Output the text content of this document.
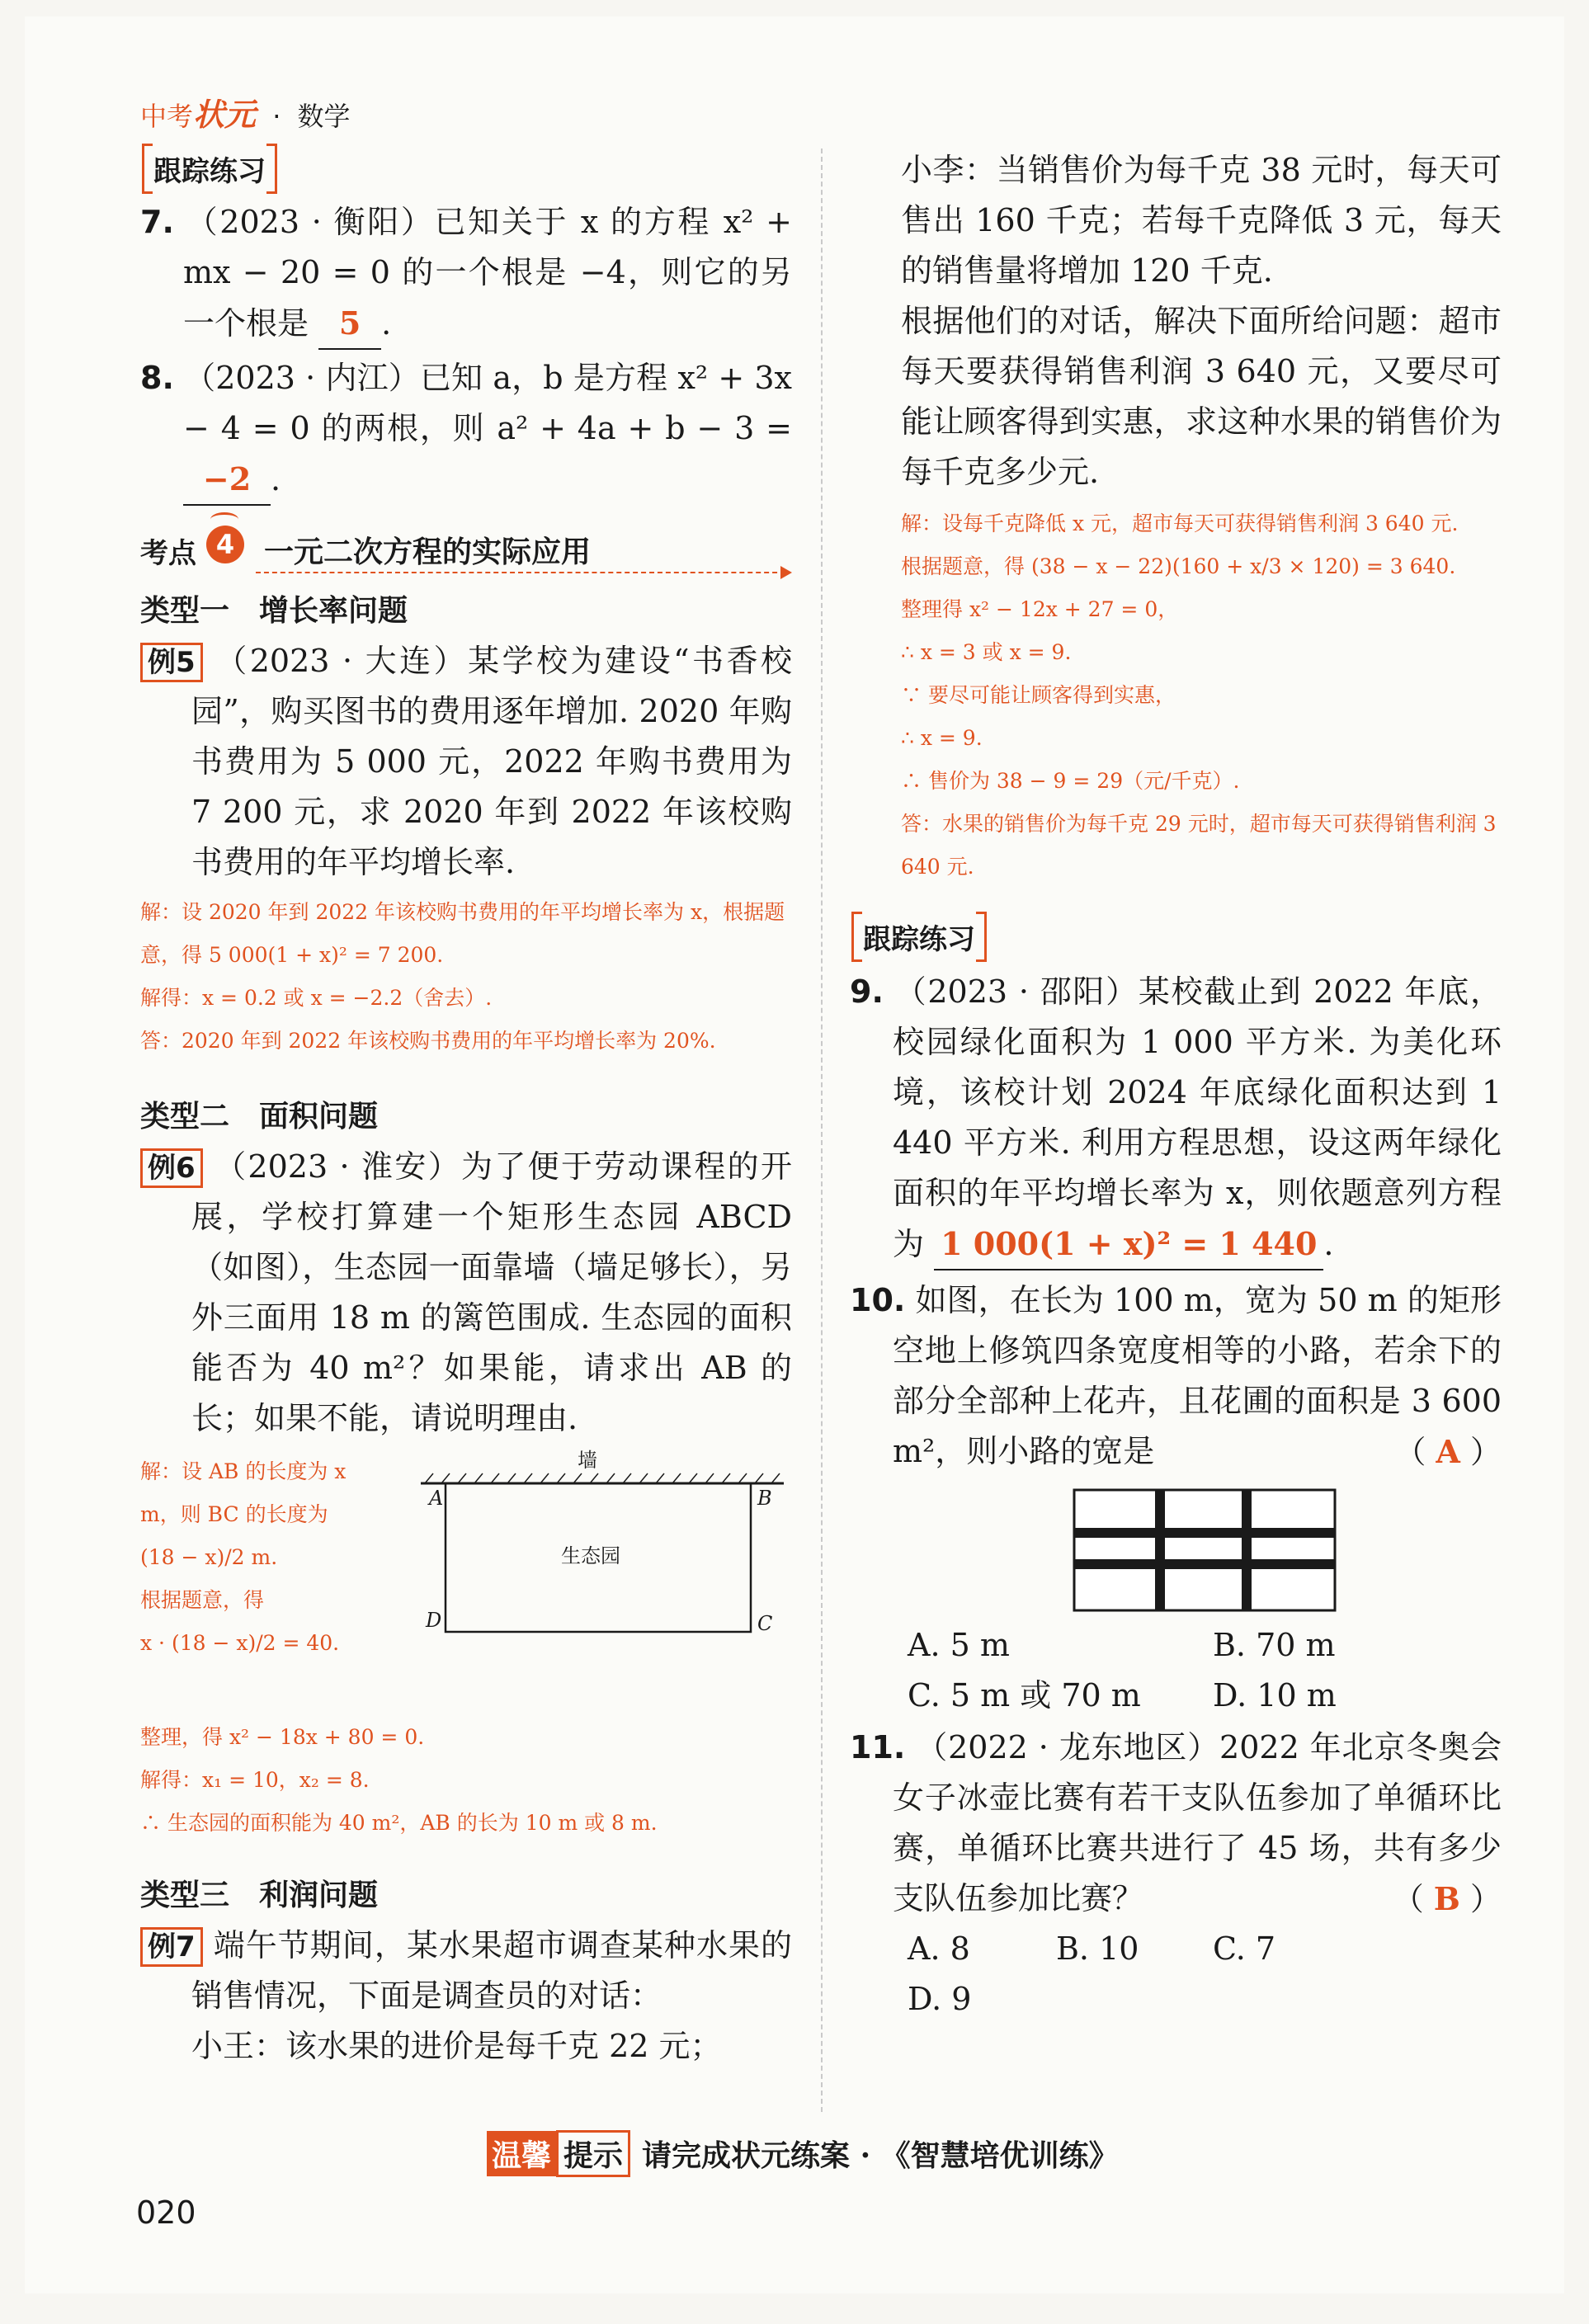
中考状元 · 数学
跟踪练习

7. （2023 · 衡阳）已知关于 x 的方程 x² + mx − 20 = 0 的一个根是 −4，则它的另一个根是 5 .

8. （2023 · 内江）已知 a，b 是方程 x² + 3x − 4 = 0 的两根，则 a² + 4a + b − 3 = −2 .

考点 4 一元二次方程的实际应用

类型一　增长率问题

例5 （2023 · 大连）某学校为建设“书香校园”，购买图书的费用逐年增加. 2020 年购书费用为 5 000 元，2022 年购书费用为 7 200 元，求 2020 年到 2022 年该校购书费用的年平均增长率.

解：设 2020 年到 2022 年该校购书费用的年平均增长率为 x，根据题意，得 5 000(1 + x)² = 7 200.

解得：x = 0.2 或 x = −2.2（舍去）.

答：2020 年到 2022 年该校购书费用的年平均增长率为 20%.

类型二　面积问题

例6 （2023 · 淮安）为了便于劳动课程的开展，学校打算建一个矩形生态园 ABCD（如图），生态园一面靠墙（墙足够长），另外三面用 18 m 的篱笆围成. 生态园的面积能否为 40 m²？如果能，请求出 AB 的长；如果不能，请说明理由.

解：设 AB 的长度为 x m，则 BC 的长度为

(18 − x)/2 m.

根据题意，得

x · (18 − x)/2 = 40.

整理，得 x² − 18x + 80 = 0.

解得：x₁ = 10，x₂ = 8.

∴ 生态园的面积能为 40 m²，AB 的长为 10 m 或 8 m.

墙
A	B
C
D
生态园

类型三　利润问题

例7 端午节期间，某水果超市调查某种水果的销售情况，下面是调查员的对话：

小王：该水果的进价是每千克 22 元；

小李：当销售价为每千克 38 元时，每天可售出 160 千克；若每千克降低 3 元，每天的销售量将增加 120 千克.

根据他们的对话，解决下面所给问题：超市每天要获得销售利润 3 640 元，又要尽可能让顾客得到实惠，求这种水果的销售价为每千克多少元.

解：设每千克降低 x 元，超市每天可获得销售利润 3 640 元.

根据题意，得 (38 − x − 22)(160 + x/3 × 120) = 3 640.

整理得 x² − 12x + 27 = 0，

∴ x = 3 或 x = 9.

∵ 要尽可能让顾客得到实惠，

∴ x = 9.

∴ 售价为 38 − 9 = 29（元/千克）.

答：水果的销售价为每千克 29 元时，超市每天可获得销售利润 3 640 元.

跟踪练习

9. （2023 · 邵阳）某校截止到 2022 年底，校园绿化面积为 1 000 平方米. 为美化环境，该校计划 2024 年底绿化面积达到 1 440 平方米. 利用方程思想，设这两年绿化面积的年平均增长率为 x，则依题意列方程为 1 000(1 + x)² = 1 440 .

10. 如图，在长为 100 m，宽为 50 m 的矩形空地上修筑四条宽度相等的小路，若余下的部分全部种上花卉，且花圃的面积是 3 600 m²，则小路的宽是	（ A ）

A. 5 m	B. 70 m
C. 5 m 或 70 m D. 10 m

11. （2022 · 龙东地区）2022 年北京冬奥会女子冰壶比赛有若干支队伍参加了单循环比赛，单循环比赛共进行了 45 场，共有多少支队伍参加比赛？	（ B ）

A. 8	B. 10 C. 7D. 9
温馨 提示 请完成状元练案 · 《智慧培优训练》
020
